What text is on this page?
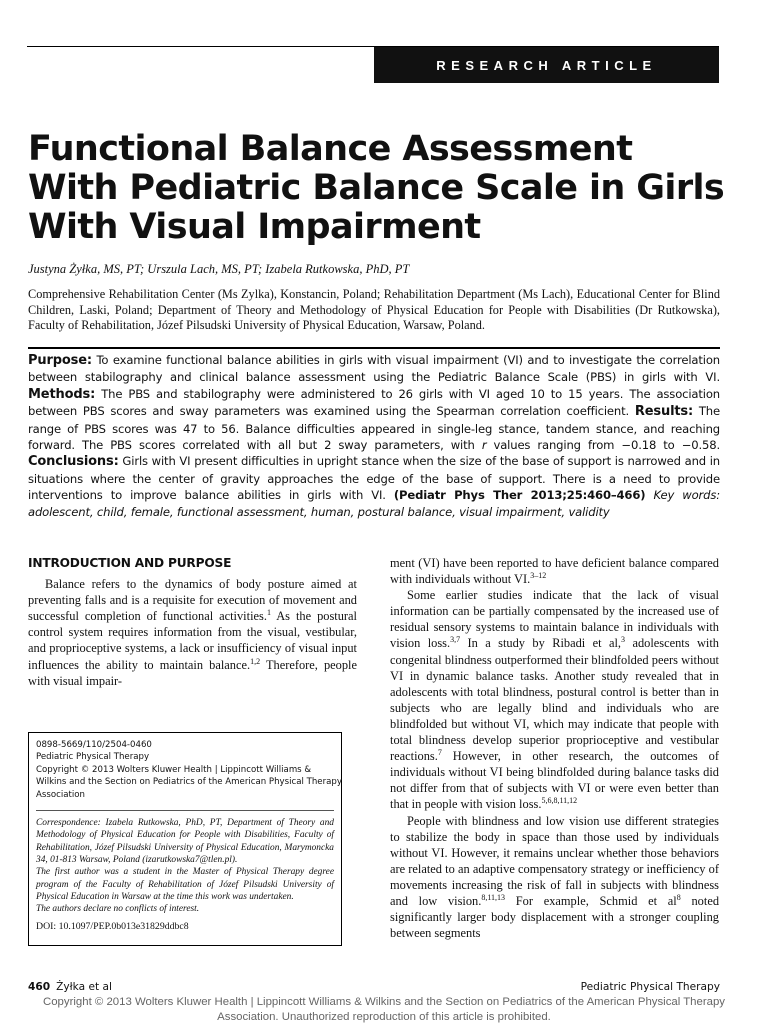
RESEARCH ARTICLE
Functional Balance Assessment
With Pediatric Balance Scale in Girls
With Visual Impairment
Justyna Żyłka, MS, PT; Urszula Lach, MS, PT; Izabela Rutkowska, PhD, PT
Comprehensive Rehabilitation Center (Ms Zylka), Konstancin, Poland; Rehabilitation Department (Ms Lach), Educational Center for Blind Children, Laski, Poland; Department of Theory and Methodology of Physical Education for People with Disabilities (Dr Rutkowska), Faculty of Rehabilitation, Józef Pilsudski University of Physical Education, Warsaw, Poland.
Purpose: To examine functional balance abilities in girls with visual impairment (VI) and to investigate the correlation between stabilography and clinical balance assessment using the Pediatric Balance Scale (PBS) in girls with VI. Methods: The PBS and stabilography were administered to 26 girls with VI aged 10 to 15 years. The association between PBS scores and sway parameters was examined using the Spearman correlation coefficient. Results: The range of PBS scores was 47 to 56. Balance difficulties appeared in single-leg stance, tandem stance, and reaching forward. The PBS scores correlated with all but 2 sway parameters, with r values ranging from −0.18 to −0.58. Conclusions: Girls with VI present difficulties in upright stance when the size of the base of support is narrowed and in situations where the center of gravity approaches the edge of the base of support. There is a need to provide interventions to improve balance abilities in girls with VI. (Pediatr Phys Ther 2013;25:460–466) Key words: adolescent, child, female, functional assessment, human, postural balance, visual impairment, validity
INTRODUCTION AND PURPOSE

Balance refers to the dynamics of body posture aimed at preventing falls and is a requisite for execution of movement and successful completion of functional activities.$^1$ As the postural control system requires information from the visual, vestibular, and proprioceptive systems, a lack or insufficiency of visual input influences the ability to maintain balance.$^{1,2}$ Therefore, people with visual impair-

0898-5669/110/2504-0460
Pediatric Physical Therapy
Copyright © 2013 Wolters Kluwer Health | Lippincott Williams &
Wilkins and the Section on Pediatrics of the American Physical Therapy
Association
Correspondence: Izabela Rutkowska, PhD, PT, Department of Theory and Methodology of Physical Education for People with Disabilities, Faculty of Rehabilitation, Józef Pilsudski University of Physical Education, Marymoncka 34, 01-813 Warsaw, Poland (izarutkowska7@tlen.pl).
The first author was a student in the Master of Physical Therapy degree program of the Faculty of Rehabilitation of Józef Pilsudski University of Physical Education in Warsaw at the time this work was undertaken.
The authors declare no conflicts of interest.
DOI: 10.1097/PEP.0b013e31829ddbc8

ment (VI) have been reported to have deficient balance compared with individuals without VI.$^{3-12}$

Some earlier studies indicate that the lack of visual information can be partially compensated by the increased use of residual sensory systems to maintain balance in individuals with vision loss.$^{3,7}$ In a study by Ribadi et al,$^3$ adolescents with congenital blindness outperformed their blindfolded peers without VI in dynamic balance tasks. Another study revealed that in adolescents with total blindness, postural control is better than in subjects who are legally blind and individuals who are blindfolded but without VI, which may indicate that people with total blindness develop superior proprioceptive and vestibular reactions.$^7$ However, in other research, the outcomes of individuals without VI being blindfolded during balance tasks did not differ from that of subjects with VI or were even better than that in people with vision loss.$^{5,6,8,11,12}$

People with blindness and low vision use different strategies to stabilize the body in space than those used by individuals without VI. However, it remains unclear whether those behaviors are related to an adaptive compensatory strategy or inefficiency of movements increasing the risk of fall in subjects with blindness and low vision.$^{8,11,13}$ For example, Schmid et $al^8$ noted significantly larger body displacement with a stronger coupling between segments

460 Żyłka et al	Pediatric Physical Therapy
Copyright © 2013 Wolters Kluwer Health | Lippincott Williams & Wilkins and the Section on Pediatrics of the American Physical Therapy
Association. Unauthorized reproduction of this article is prohibited.
